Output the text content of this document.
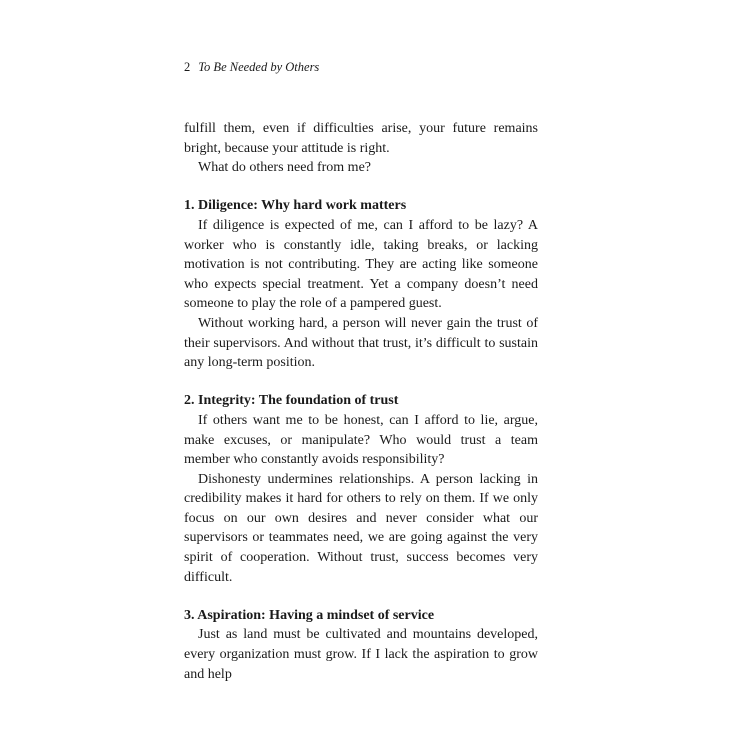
2 To Be Needed by Others

fulfill them, even if difficulties arise, your future remains bright, because your attitude is right.

What do others need from me?

1. Diligence: Why hard work matters

If diligence is expected of me, can I afford to be lazy? A worker who is constantly idle, taking breaks, or lacking motivation is not contributing. They are acting like someone who expects special treatment. Yet a company doesn’t need someone to play the role of a pampered guest.

Without working hard, a person will never gain the trust of their supervisors. And without that trust, it’s difficult to sustain any long-term position.

2. Integrity: The foundation of trust

If others want me to be honest, can I afford to lie, argue, make excuses, or manipulate? Who would trust a team member who constantly avoids responsibility?

Dishonesty undermines relationships. A person lacking in credibility makes it hard for others to rely on them. If we only focus on our own desires and never consider what our supervisors or teammates need, we are going against the very spirit of cooperation. Without trust, success becomes very difficult.

3. Aspiration: Having a mindset of service

Just as land must be cultivated and mountains developed, every organization must grow. If I lack the aspiration to grow and help
